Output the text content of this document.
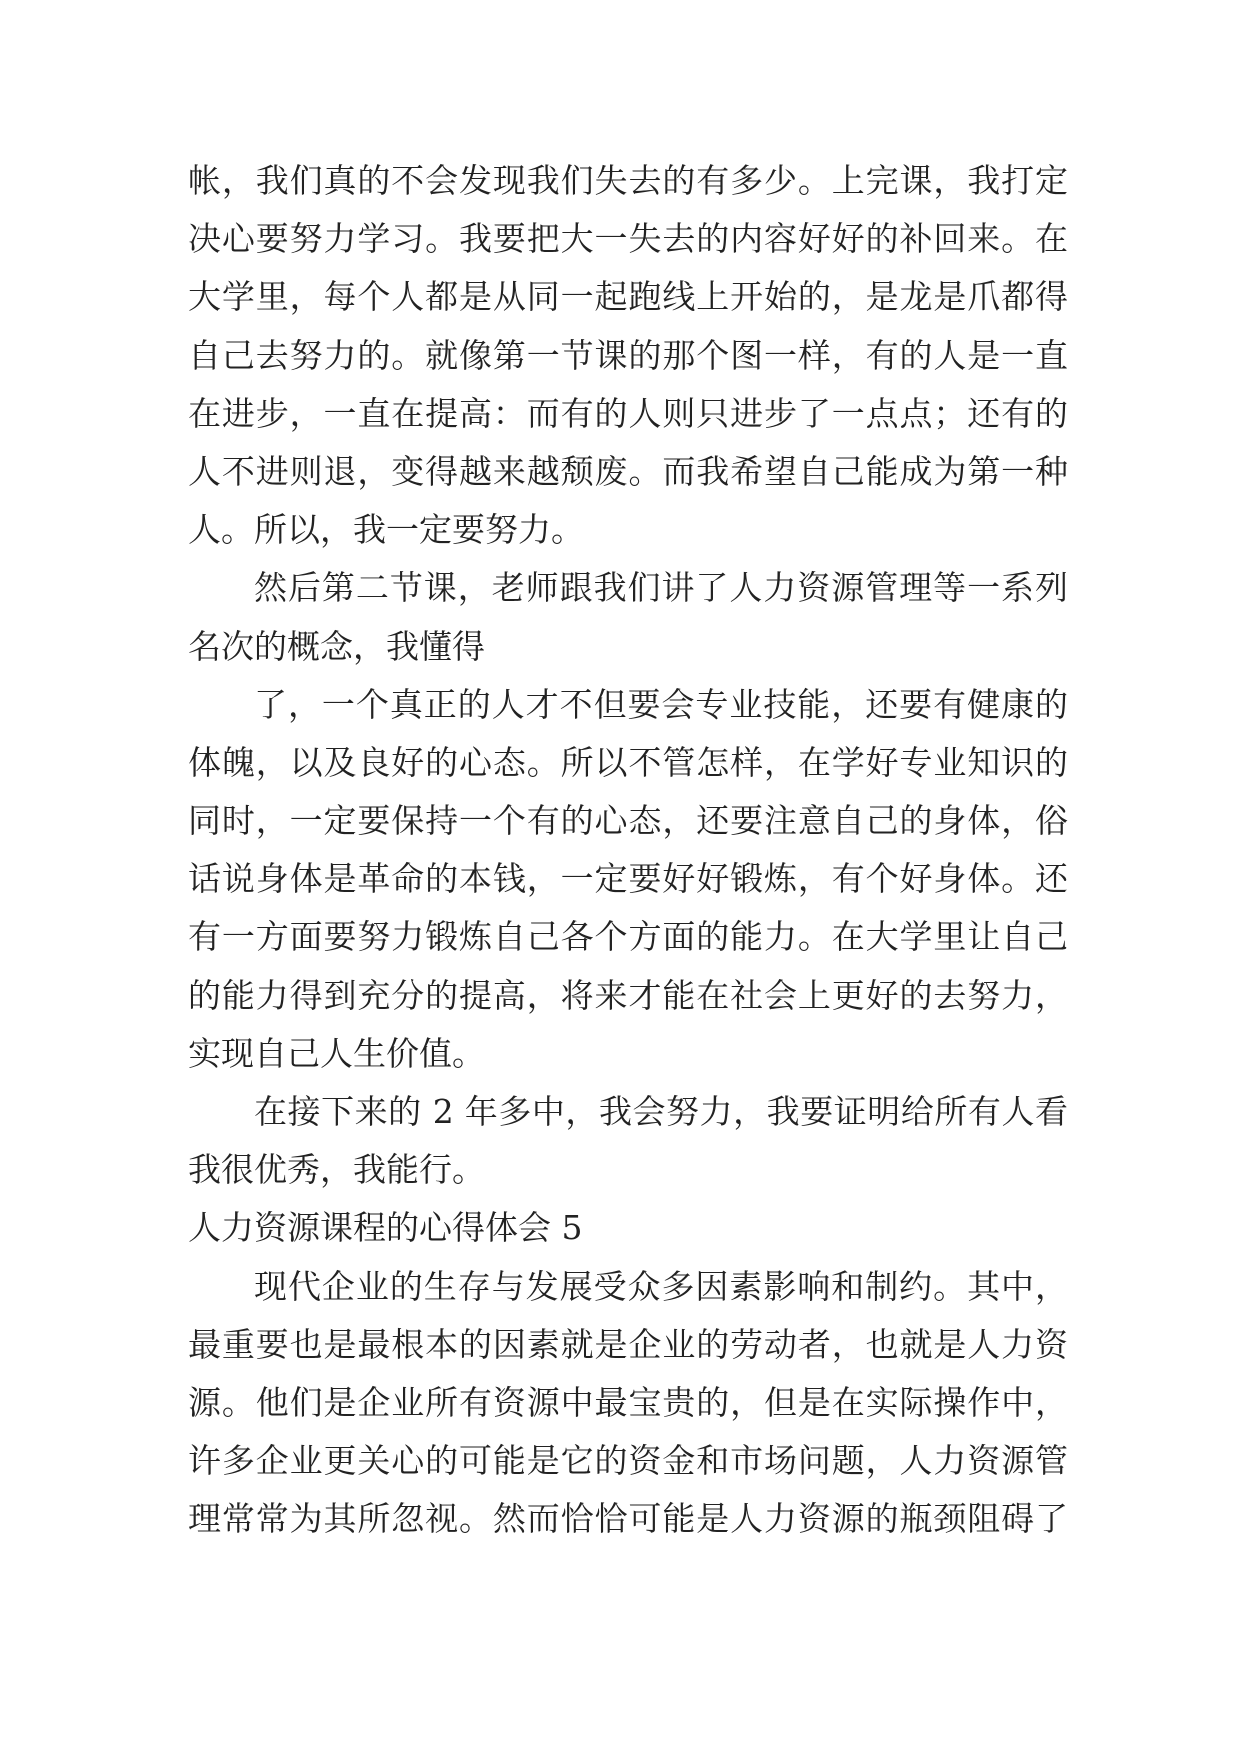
帐，我们真的不会发现我们失去的有多少。上完课，我打定
决心要努力学习。我要把大一失去的内容好好的补回来。在
大学里，每个人都是从同一起跑线上开始的，是龙是爪都得
自己去努力的。就像第一节课的那个图一样，有的人是一直
在进步，一直在提高：而有的人则只进步了一点点；还有的
人不进则退，变得越来越颓废。而我希望自己能成为第一种
人。所以，我一定要努力。
然后第二节课，老师跟我们讲了人力资源管理等一系列
名次的概念，我懂得
了，一个真正的人才不但要会专业技能，还要有健康的
体魄，以及良好的心态。所以不管怎样，在学好专业知识的
同时，一定要保持一个有的心态，还要注意自己的身体，俗
话说身体是革命的本钱，一定要好好锻炼，有个好身体。还
有一方面要努力锻炼自己各个方面的能力。在大学里让自己
的能力得到充分的提高，将来才能在社会上更好的去努力，
实现自己人生价值。
在接下来的 2 年多中，我会努力，我要证明给所有人看
我很优秀，我能行。
人力资源课程的心得体会 5
现代企业的生存与发展受众多因素影响和制约。其中，
最重要也是最根本的因素就是企业的劳动者，也就是人力资
源。他们是企业所有资源中最宝贵的，但是在实际操作中，
许多企业更关心的可能是它的资金和市场问题，人力资源管
理常常为其所忽视。然而恰恰可能是人力资源的瓶颈阻碍了
